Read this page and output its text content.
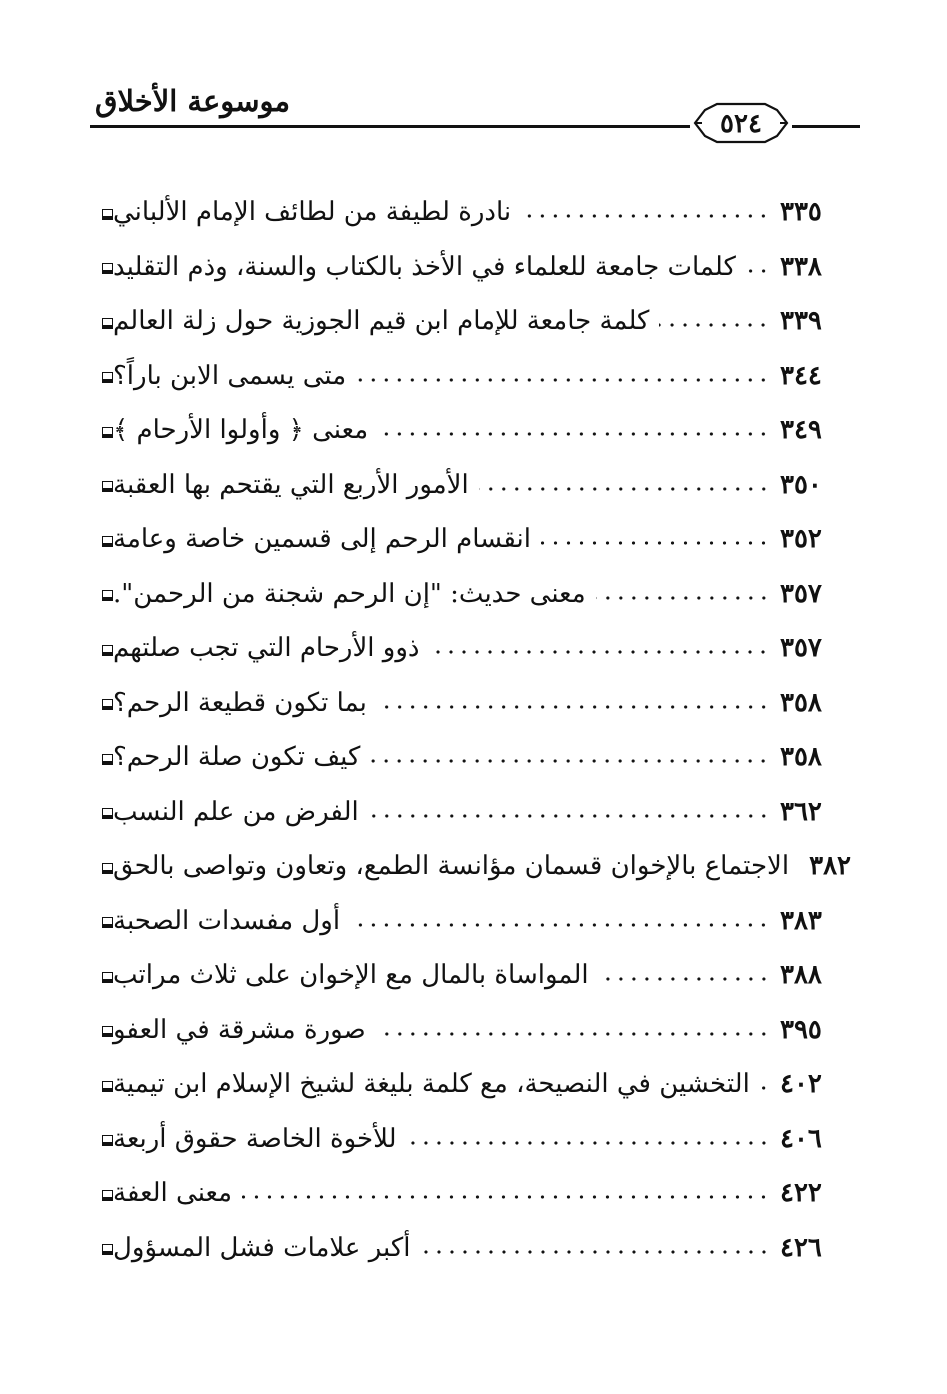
موسوعة الأخلاق
٥٢٤
نادرة لطيفة من لطائف الإمام الألباني	٣٣٥
كلمات جامعة للعلماء في الأخذ بالكتاب والسنة، وذم التقليد ٣٣٨
كلمة جامعة للإمام ابن قيم الجوزية حول زلة العالم	٣٣٩
متى يسمى الابن باراً؟	٣٤٤
معنى ﴿ وأولوا الأرحام ﴾	٣٤٩
الأمور الأربع التي يقتحم بها العقبة	٣٥٠
انقسام الرحم إلى قسمين خاصة وعامة	٣٥٢
معنى حديث: "إن الرحم شجنة من الرحمن".	٣٥٧
ذوو الأرحام التي تجب صلتهم	٣٥٧
بما تكون قطيعة الرحم؟	٣٥٨
كيف تكون صلة الرحم؟	٣٥٨
الفرض من علم النسب	٣٦٢
الاجتماع بالإخوان قسمان مؤانسة الطمع، وتعاون وتواصى بالحق ٣٨٢
أول مفسدات الصحبة	٣٨٣
المواساة بالمال مع الإخوان على ثلاث مراتب	٣٨٨
صورة مشرقة في العفو	٣٩٥
التخشين في النصيحة، مع كلمة بليغة لشيخ الإسلام ابن تيمية ٤٠٢
للأخوة الخاصة حقوق أربعة	٤٠٦
معنى العفة	٤٢٢
أكبر علامات فشل المسؤول	٤٢٦
